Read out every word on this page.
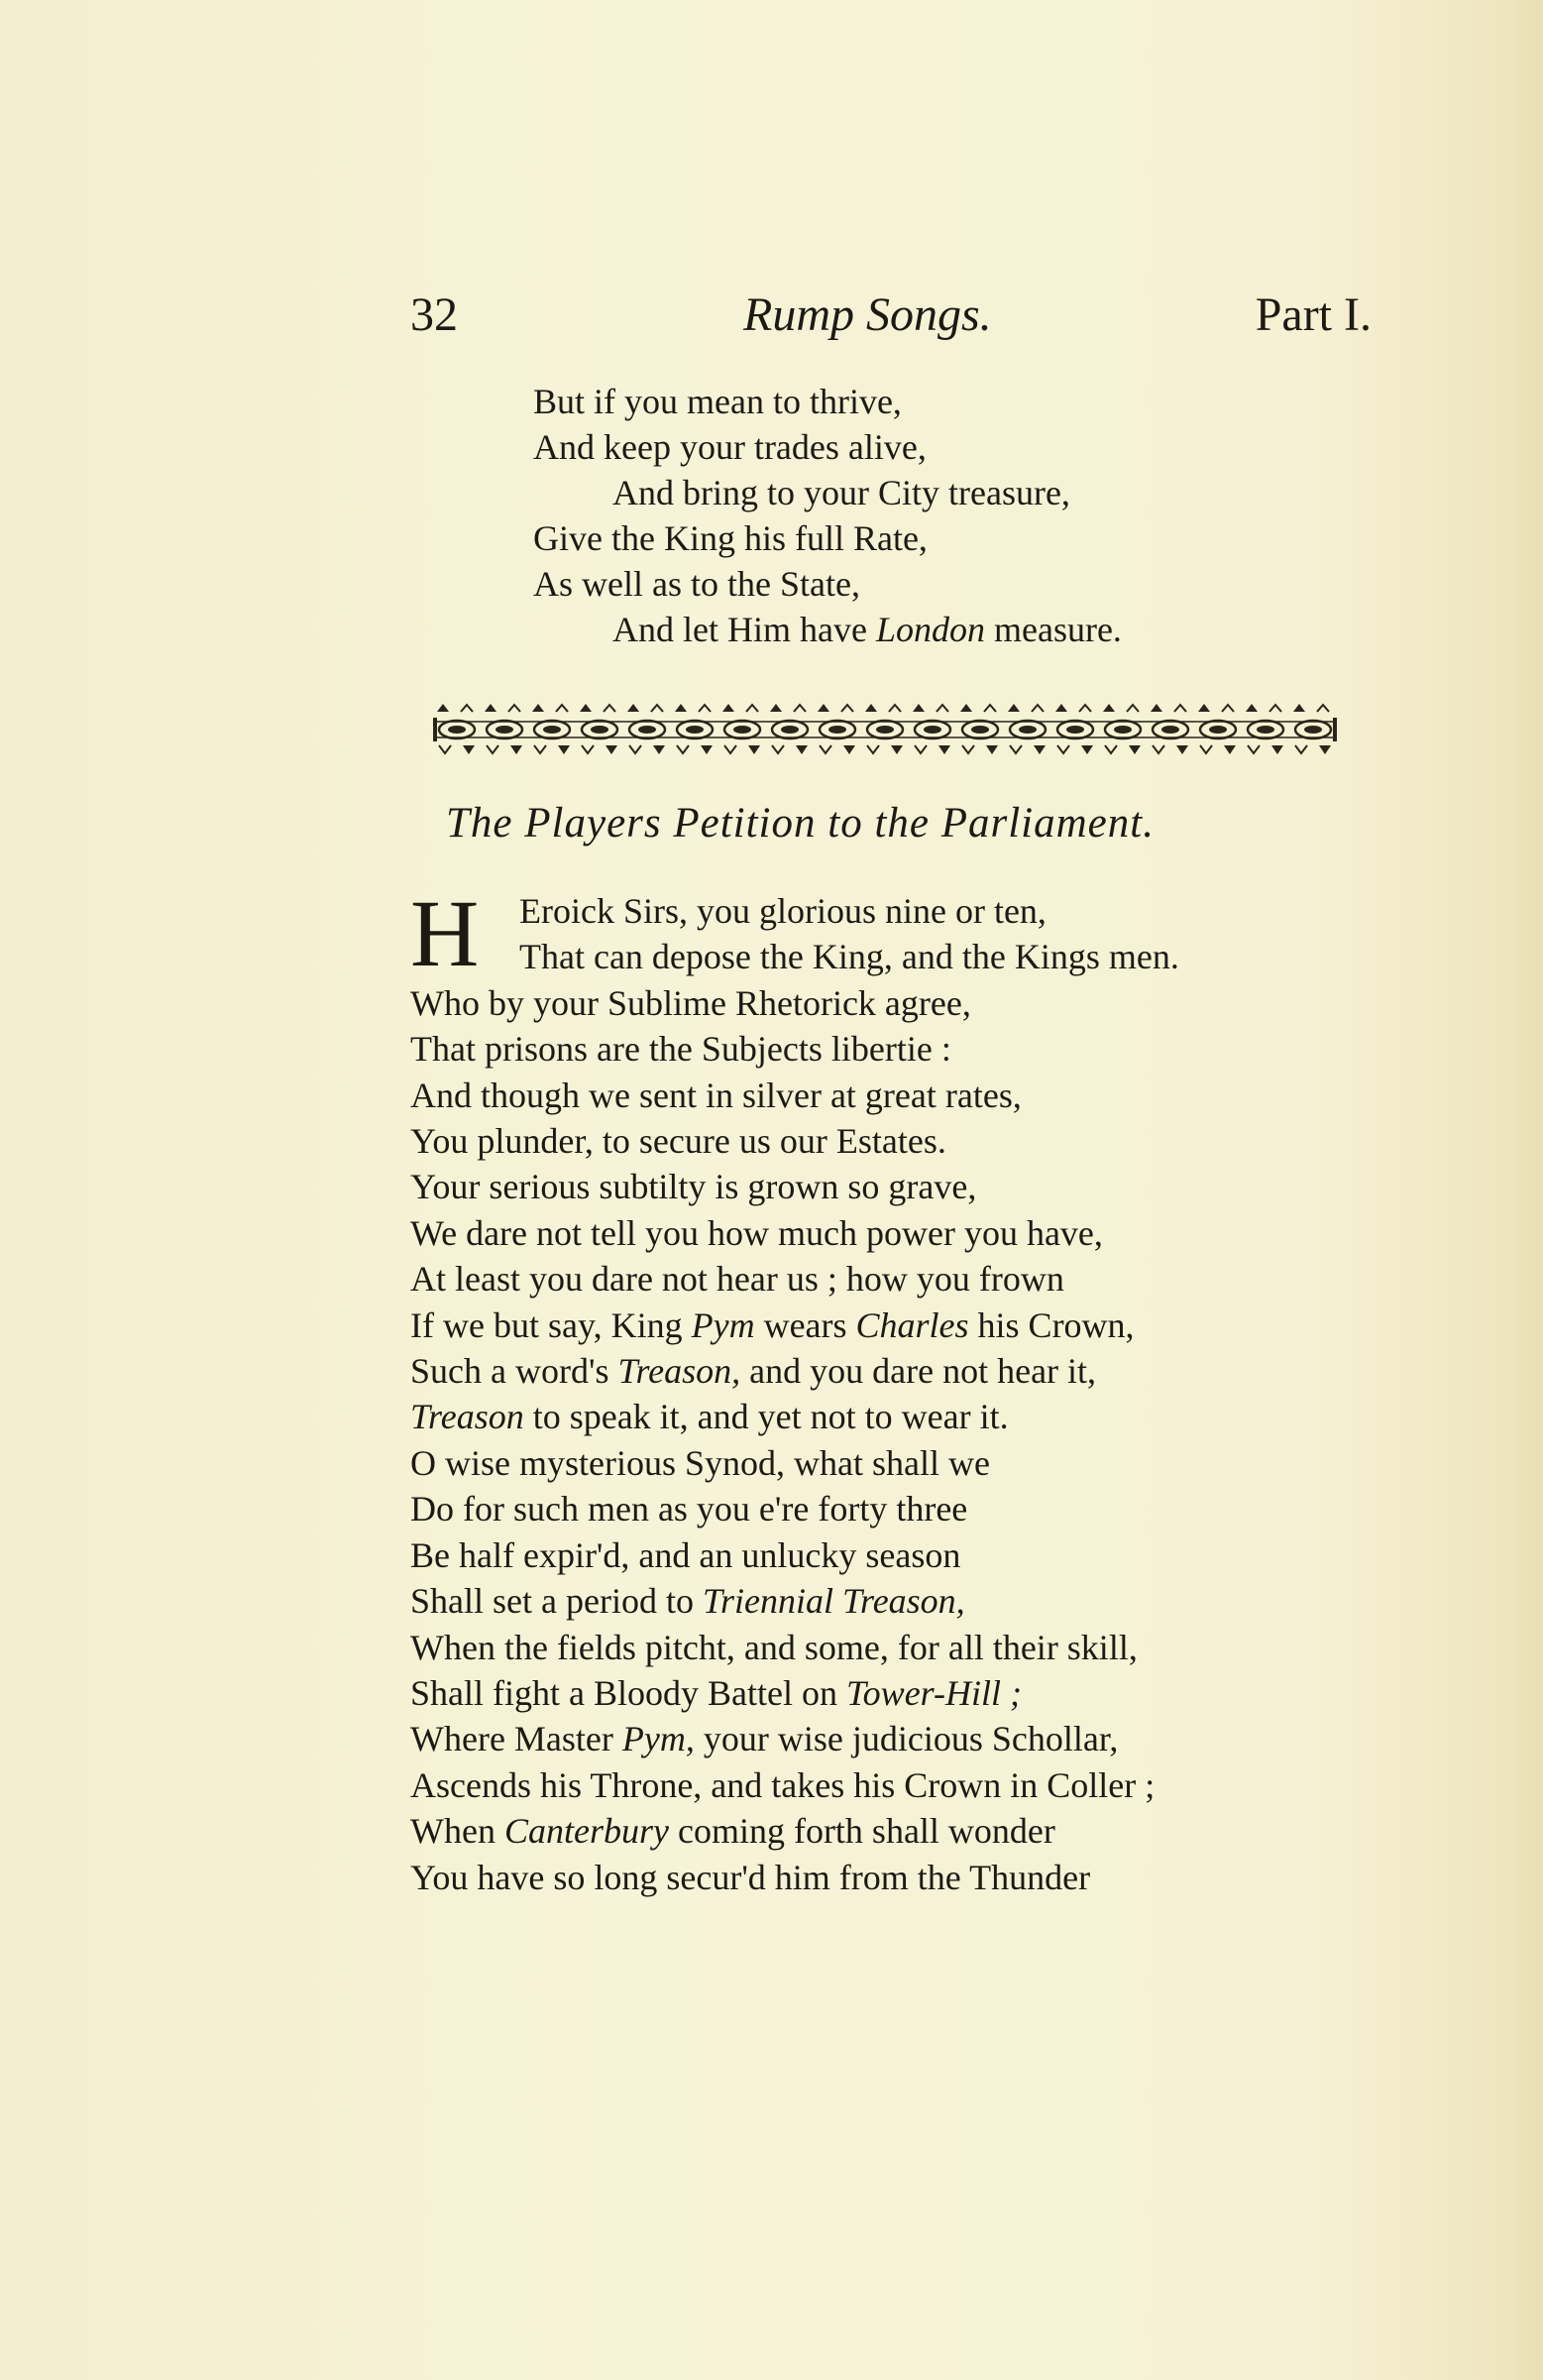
32	Rump Songs.	Part I.
But if you mean to thrive,
And keep your trades alive,
And bring to your City treasure,
Give the King his full Rate,
As well as to the State,
And let Him have London measure.
The Players Petition to the Parliament.
H	Eroick Sirs, you glorious nine or ten,
That can depose the King, and the Kings men.
Who by your Sublime Rhetorick agree,
That prisons are the Subjects libertie :
And though we sent in silver at great rates,
You plunder, to secure us our Estates.
Your serious subtilty is grown so grave,
We dare not tell you how much power you have,
At least you dare not hear us ; how you frown
If we but say, King Pym wears Charles his Crown,
Such a word's Treason, and you dare not hear it,
Treason to speak it, and yet not to wear it.
O wise mysterious Synod, what shall we
Do for such men as you e're forty three
Be half expir'd, and an unlucky season
Shall set a period to Triennial Treason,
When the fields pitcht, and some, for all their skill,
Shall fight a Bloody Battel on Tower-Hill ;
Where Master Pym, your wise judicious Schollar,
Ascends his Throne, and takes his Crown in Coller ;
When Canterbury coming forth shall wonder
You have so long secur'd him from the Thunder
